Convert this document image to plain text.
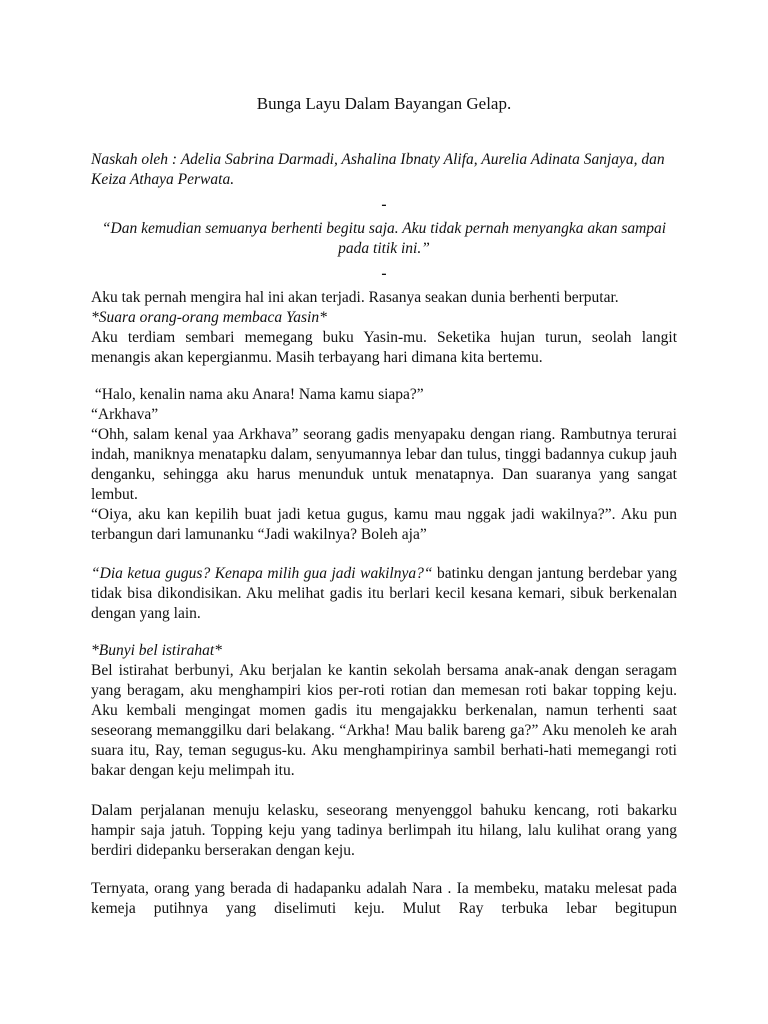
Bunga Layu Dalam Bayangan Gelap.

Naskah oleh : Adelia Sabrina Darmadi, Ashalina Ibnaty Alifa, Aurelia Adinata Sanjaya, dan Keiza Athaya Perwata.

-

“Dan kemudian semuanya berhenti begitu saja. Aku tidak pernah menyangka akan sampai pada titik ini.”

-

Aku tak pernah mengira hal ini akan terjadi. Rasanya seakan dunia berhenti berputar.

*Suara orang-orang membaca Yasin*

Aku terdiam sembari memegang buku Yasin-mu. Seketika hujan turun, seolah langit menangis akan kepergianmu. Masih terbayang hari dimana kita bertemu.

“Halo, kenalin nama aku Anara! Nama kamu siapa?”

“Arkhava”

“Ohh, salam kenal yaa Arkhava” seorang gadis menyapaku dengan riang. Rambutnya terurai indah, maniknya menatapku dalam, senyumannya lebar dan tulus, tinggi badannya cukup jauh denganku, sehingga aku harus menunduk untuk menatapnya. Dan suaranya yang sangat lembut.

“Oiya, aku kan kepilih buat jadi ketua gugus, kamu mau nggak jadi wakilnya?”. Aku pun terbangun dari lamunanku “Jadi wakilnya? Boleh aja”

“Dia ketua gugus? Kenapa milih gua jadi wakilnya?“ batinku dengan jantung berdebar yang tidak bisa dikondisikan. Aku melihat gadis itu berlari kecil kesana kemari, sibuk berkenalan dengan yang lain.

*Bunyi bel istirahat*

Bel istirahat berbunyi, Aku berjalan ke kantin sekolah bersama anak-anak dengan seragam yang beragam, aku menghampiri kios per-roti rotian dan memesan roti bakar topping keju. Aku kembali mengingat momen gadis itu mengajakku berkenalan, namun terhenti saat seseorang memanggilku dari belakang. “Arkha! Mau balik bareng ga?” Aku menoleh ke arah suara itu, Ray, teman segugus-ku. Aku menghampirinya sambil berhati-hati memegangi roti bakar dengan keju melimpah itu.

Dalam perjalanan menuju kelasku, seseorang menyenggol bahuku kencang, roti bakarku hampir saja jatuh. Topping keju yang tadinya berlimpah itu hilang, lalu kulihat orang yang berdiri didepanku berserakan dengan keju.

Ternyata, orang yang berada di hadapanku adalah Nara . Ia membeku, mataku melesat pada kemeja putihnya yang diselimuti keju. Mulut Ray terbuka lebar begitupun
